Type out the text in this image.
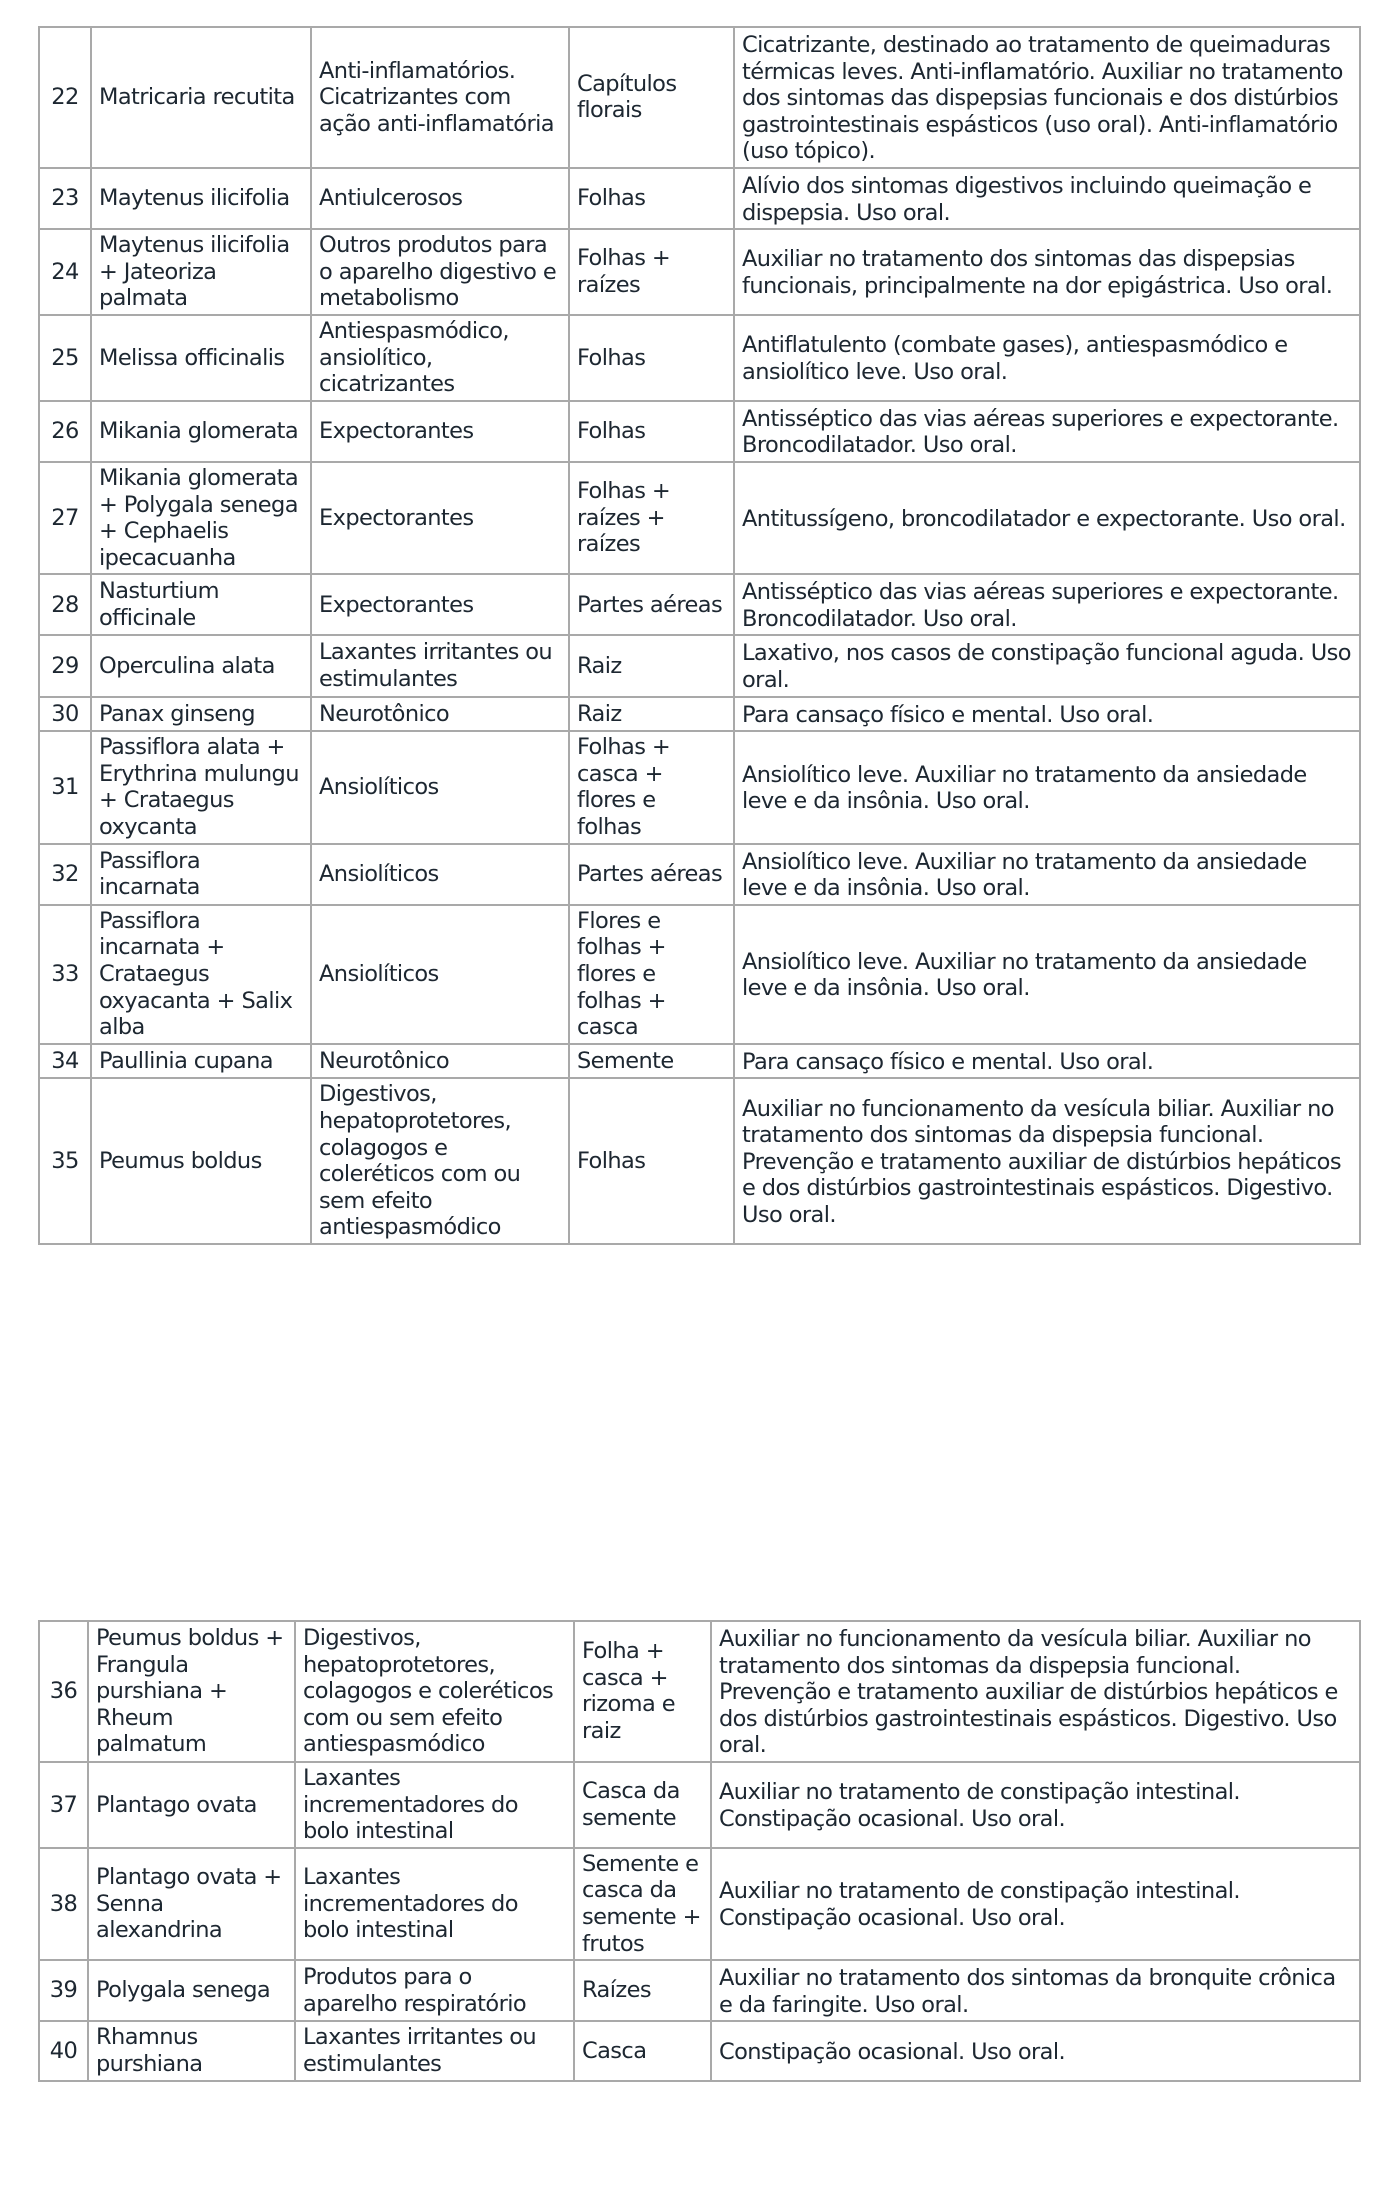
22	Matricaria recutita	Anti-inflamatórios. Cicatrizantes com ação anti-inflamatória	Capítulos florais	Cicatrizante, destinado ao tratamento de queimaduras térmicas leves. Anti-inflamatório. Auxiliar no tratamento dos sintomas das dispepsias funcionais e dos distúrbios gastrointestinais espásticos (uso oral). Anti-inflamatório (uso tópico).
23	Maytenus ilicifolia	Antiulcerosos	Folhas	Alívio dos sintomas digestivos incluindo queimação e dispepsia. Uso oral.
24	Maytenus ilicifolia + Jateoriza palmata	Outros produtos para o aparelho digestivo e metabolismo	Folhas + raízes	Auxiliar no tratamento dos sintomas das dispepsias funcionais, principalmente na dor epigástrica. Uso oral.
25	Melissa officinalis	Antiespasmódico, ansiolítico, cicatrizantes	Folhas	Antiflatulento (combate gases), antiespasmódico e ansiolítico leve. Uso oral.
26	Mikania glomerata	Expectorantes	Folhas	Antisséptico das vias aéreas superiores e expectorante. Broncodilatador. Uso oral.
27	Mikania glomerata + Polygala senega + Cephaelis ipecacuanha	Expectorantes	Folhas + raízes + raízes	Antitussígeno, broncodilatador e expectorante. Uso oral.
28	Nasturtium officinale	Expectorantes	Partes aéreas	Antisséptico das vias aéreas superiores e expectorante. Broncodilatador. Uso oral.
29	Operculina alata	Laxantes irritantes ou estimulantes	Raiz	Laxativo, nos casos de constipação funcional aguda. Uso oral.
30	Panax ginseng	Neurotônico	Raiz	Para cansaço físico e mental. Uso oral.
31	Passiflora alata + Erythrina mulungu + Crataegus oxycanta	Ansiolíticos	Folhas + casca + flores e folhas	Ansiolítico leve. Auxiliar no tratamento da ansiedade leve e da insônia. Uso oral.
32	Passiflora incarnata	Ansiolíticos	Partes aéreas	Ansiolítico leve. Auxiliar no tratamento da ansiedade leve e da insônia. Uso oral.
33	Passiflora incarnata + Crataegus oxyacanta + Salix alba	Ansiolíticos	Flores e folhas + flores e folhas + casca	Ansiolítico leve. Auxiliar no tratamento da ansiedade leve e da insônia. Uso oral.
34	Paullinia cupana	Neurotônico	Semente	Para cansaço físico e mental. Uso oral.
35	Peumus boldus	Digestivos, hepatoprotetores, colagogos e coleréticos com ou sem efeito antiespasmódico	Folhas	Auxiliar no funcionamento da vesícula biliar. Auxiliar no tratamento dos sintomas da dispepsia funcional. Prevenção e tratamento auxiliar de distúrbios hepáticos e dos distúrbios gastrointestinais espásticos. Digestivo. Uso oral.
36	Peumus boldus + Frangula purshiana + Rheum palmatum	Digestivos, hepatoprotetores, colagogos e coleréticos com ou sem efeito antiespasmódico	Folha + casca + rizoma e raiz	Auxiliar no funcionamento da vesícula biliar. Auxiliar no tratamento dos sintomas da dispepsia funcional. Prevenção e tratamento auxiliar de distúrbios hepáticos e dos distúrbios gastrointestinais espásticos. Digestivo. Uso oral.
37	Plantago ovata	Laxantes incrementadores do bolo intestinal	Casca da semente	Auxiliar no tratamento de constipação intestinal. Constipação ocasional. Uso oral.
38	Plantago ovata + Senna alexandrina	Laxantes incrementadores do bolo intestinal	Semente e casca da semente + frutos	Auxiliar no tratamento de constipação intestinal. Constipação ocasional. Uso oral.
39	Polygala senega	Produtos para o aparelho respiratório	Raízes	Auxiliar no tratamento dos sintomas da bronquite crônica e da faringite. Uso oral.
40	Rhamnus purshiana	Laxantes irritantes ou estimulantes	Casca	Constipação ocasional. Uso oral.
